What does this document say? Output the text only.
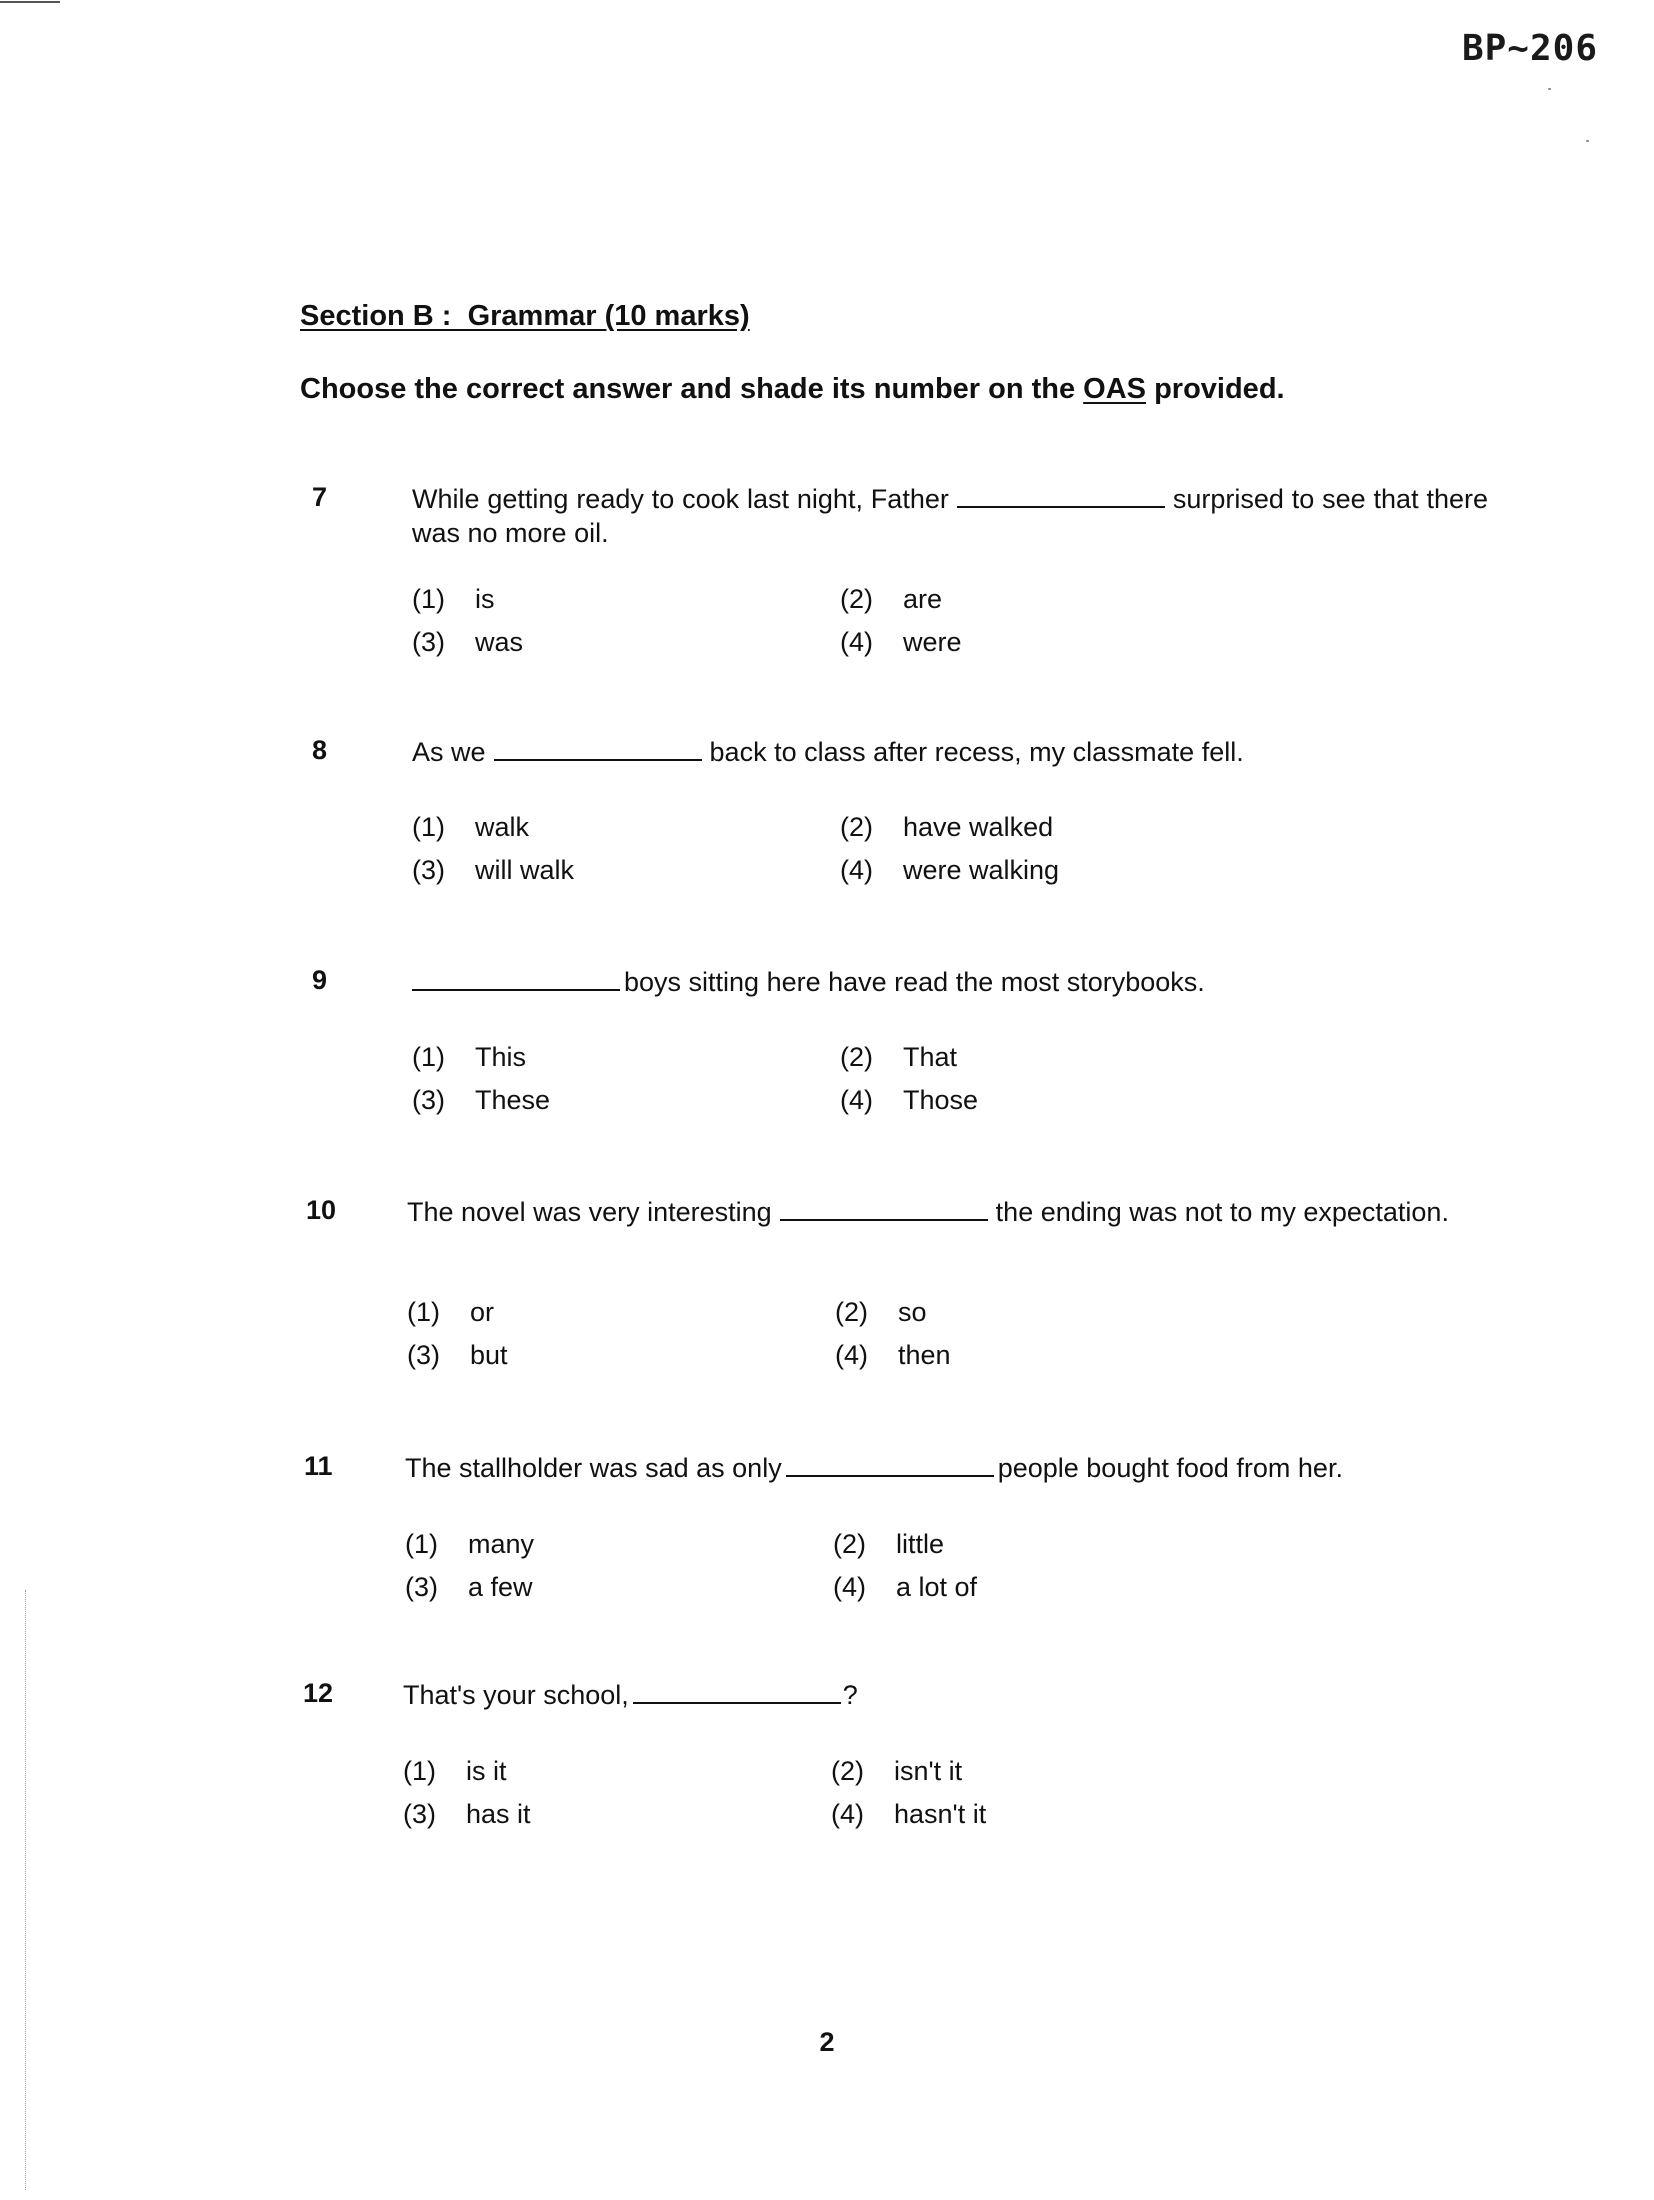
BP~206

Section B :  Grammar (10 marks)

Choose the correct answer and shade its number on the OAS provided.

7	While getting ready to cook last night, Father	surprised to see that there was no more oil.

(1) is	(2) are
(3) was	(4) were
8	As we	back to class after recess, my classmate fell.

(1) walk	(2) have walked
(3) will walk	(4) were walking
9	boys sitting here have read the most storybooks.

(1) This	(2) That
(3) These	(4) Those
10	The novel was very interesting	the ending was not to my expectation.

(1) or	(2) so
(3) but	(4) then
11	The stallholder was sad as only	people bought food from her.

(1) many	(2) little
(3) a few	(4) a lot of
12	That's your school,	?

(1) is it	(2) isn't it
(3) has it	(4) hasn't it

2
